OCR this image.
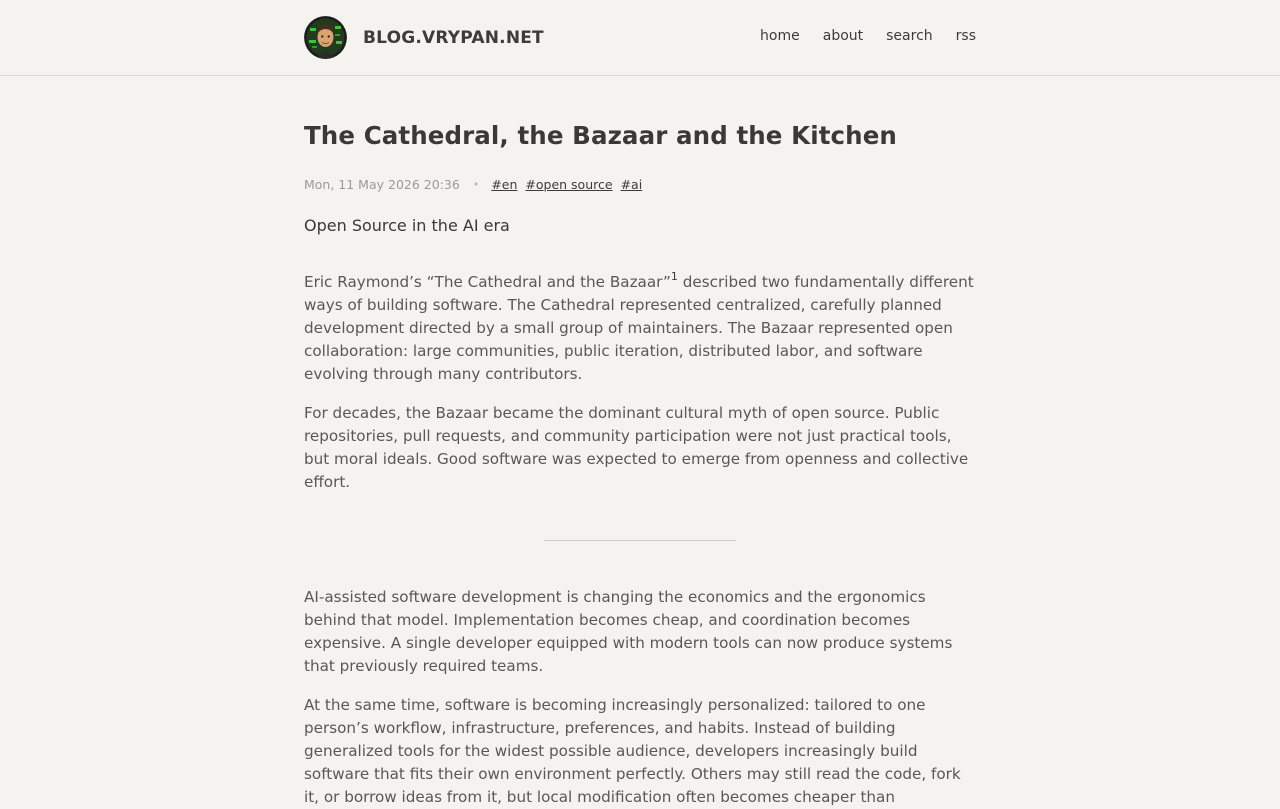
BLOG.VRYPAN.NET	home about search rss
The Cathedral, the Bazaar and the Kitchen
Mon, 11 May 2026 20:36 • #en #open source #ai
Open Source in the AI era

Eric Raymond’s “The Cathedral and the Bazaar”$^1$ described two fundamentally different ways of building software. The Cathedral represented centralized, carefully planned development directed by a small group of maintainers. The Bazaar represented open collaboration: large communities, public iteration, distributed labor, and software evolving through many contributors.

For decades, the Bazaar became the dominant cultural myth of open source. Public repositories, pull requests, and community participation were not just practical tools, but moral ideals. Good software was expected to emerge from openness and collective effort.

AI-assisted software development is changing the economics and the ergonomics behind that model. Implementation becomes cheap, and coordination becomes expensive. A single developer equipped with modern tools can now produce systems that previously required teams.

At the same time, software is becoming increasingly personalized: tailored to one person’s workflow, infrastructure, preferences, and habits. Instead of building generalized tools for the widest possible audience, developers increasingly build software that fits their own environment perfectly. Others may still read the code, fork it, or borrow ideas from it, but local modification often becomes cheaper than
